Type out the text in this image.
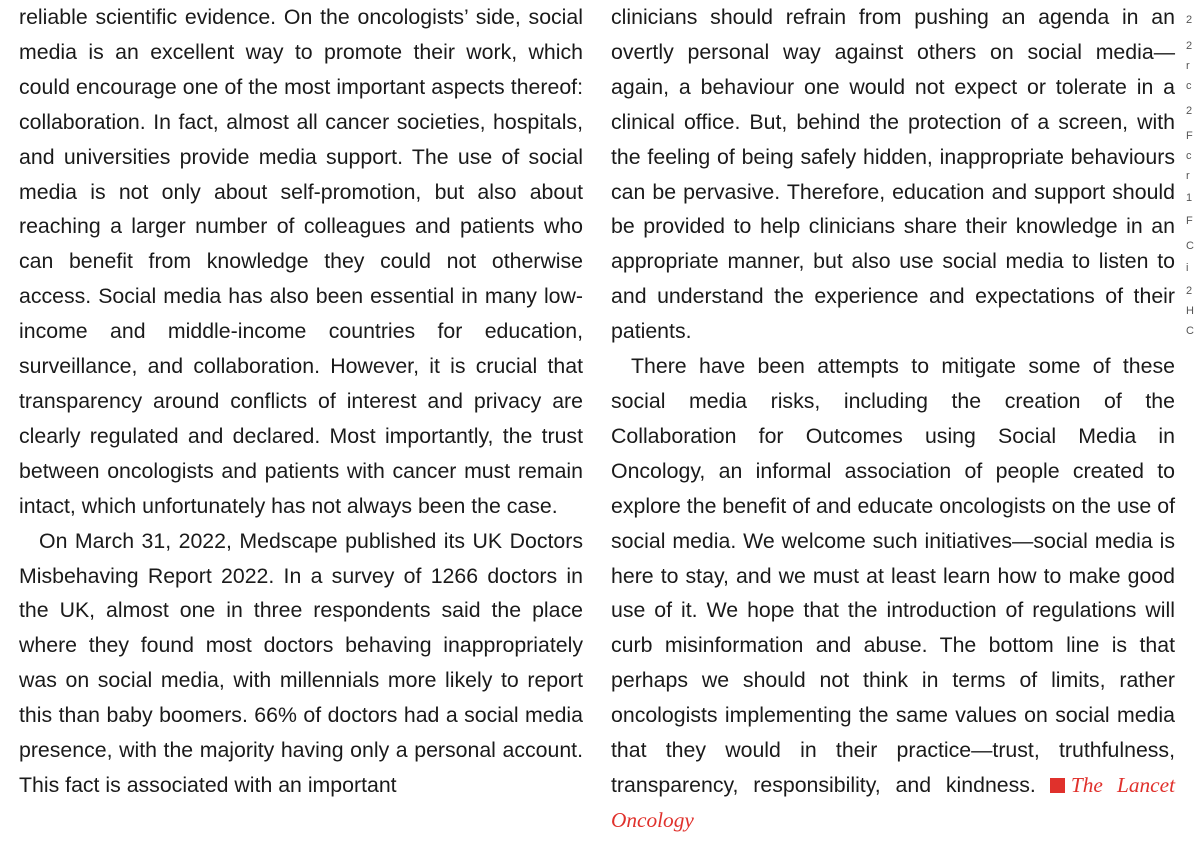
reliable scientific evidence. On the oncologists’ side, social media is an excellent way to promote their work, which could encourage one of the most important aspects thereof: collaboration. In fact, almost all cancer societies, hospitals, and universities provide media support. The use of social media is not only about self-promotion, but also about reaching a larger number of colleagues and patients who can benefit from knowledge they could not otherwise access. Social media has also been essential in many low-income and middle-income countries for education, surveillance, and collaboration. However, it is crucial that transparency around conflicts of interest and privacy are clearly regulated and declared. Most importantly, the trust between oncologists and patients with cancer must remain intact, which unfortunately has not always been the case.

On March 31, 2022, Medscape published its UK Doctors Misbehaving Report 2022. In a survey of 1266 doctors in the UK, almost one in three respondents said the place where they found most doctors behaving inappropriately was on social media, with millennials more likely to report this than baby boomers. 66% of doctors had a social media presence, with the majority having only a personal account. This fact is associated with an important

clinicians should refrain from pushing an agenda in an overtly personal way against others on social media—again, a behaviour one would not expect or tolerate in a clinical office. But, behind the protection of a screen, with the feeling of being safely hidden, inappropriate behaviours can be pervasive. Therefore, education and support should be provided to help clinicians share their knowledge in an appropriate manner, but also use social media to listen to and understand the experience and expectations of their patients.

There have been attempts to mitigate some of these social media risks, including the creation of the Collaboration for Outcomes using Social Media in Oncology, an informal association of people created to explore the benefit of and educate oncologists on the use of social media. We welcome such initiatives—social media is here to stay, and we must at least learn how to make good use of it. We hope that the introduction of regulations will curb misinformation and abuse. The bottom line is that perhaps we should not think in terms of limits, rather oncologists implementing the same values on social media that they would in their practice—trust, truthfulness, transparency, responsibility, and kindness. The Lancet Oncology

2
2
r
c
2
F
c
r
1
F
C
i
2
H
C
